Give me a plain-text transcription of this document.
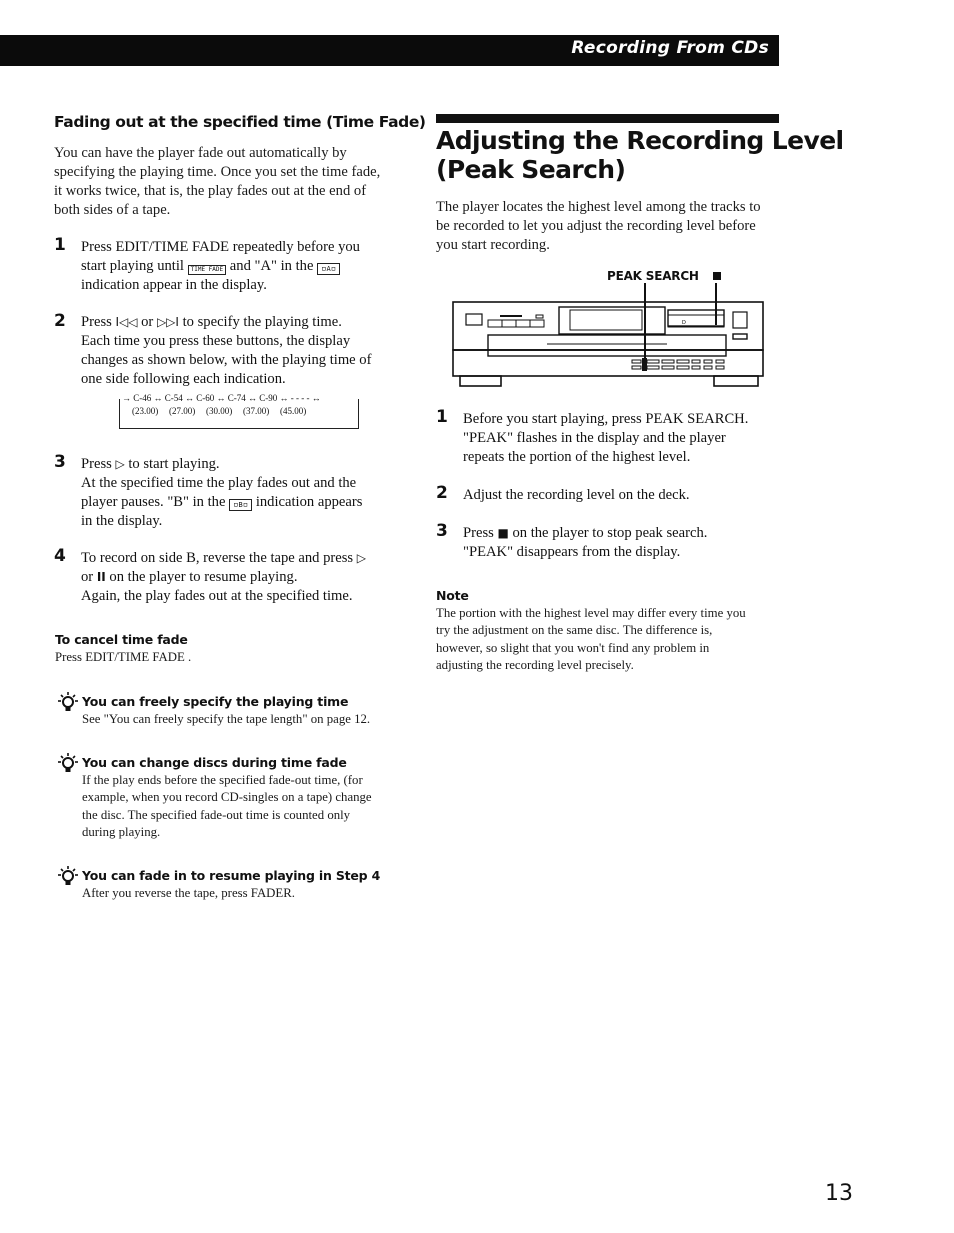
Recording From CDs
Fading out at the specified time (Time Fade)
You can have the player fade out automatically by
specifying the playing time. Once you set the time fade,
it works twice, that is, the play fades out at the end of
both sides of a tape.
1 Press EDIT/TIME FADE repeatedly before you
start playing until TIME FADE and "A" in the ▫A▫
indication appear in the display.
2 Press I◁◁ or ▷▷I to specify the playing time.
Each time you press these buttons, the display
changes as shown below, with the playing time of
one side following each indication.
→ C-46 ↔ C-54 ↔ C-60 ↔ C-74 ↔ C-90 ↔ - - - - ↔
(23.00) (27.00) (30.00) (37.00) (45.00)
3 Press ▷ to start playing.
At the specified time the play fades out and the
player pauses. "B" in the ▫B▫ indication appears
in the display.
4 To record on side B, reverse the tape and press ▷
or II on the player to resume playing.
Again, the play fades out at the specified time.
To cancel time fade
Press EDIT/TIME FADE .
You can freely specify the playing time
See "You can freely specify the tape length" on page 12.
You can change discs during time fade
If the play ends before the specified fade-out time, (for
example, when you record CD-singles on a tape) change
the disc. The specified fade-out time is counted only
during playing.
You can fade in to resume playing in Step 4
After you reverse the tape, press FADER.
Adjusting the Recording Level
(Peak Search)
The player locates the highest level among the tracks to
be recorded to let you adjust the recording level before
you start recording.
PEAK SEARCH
D
1 Before you start playing, press PEAK SEARCH.
"PEAK" flashes in the display and the player
repeats the portion of the highest level.
2 Adjust the recording level on the deck.
3 Press ■ on the player to stop peak search.
"PEAK" disappears from the display.
Note
The portion with the highest level may differ every time you
try the adjustment on the same disc. The difference is,
however, so slight that you won't find any problem in
adjusting the recording level precisely.
13
